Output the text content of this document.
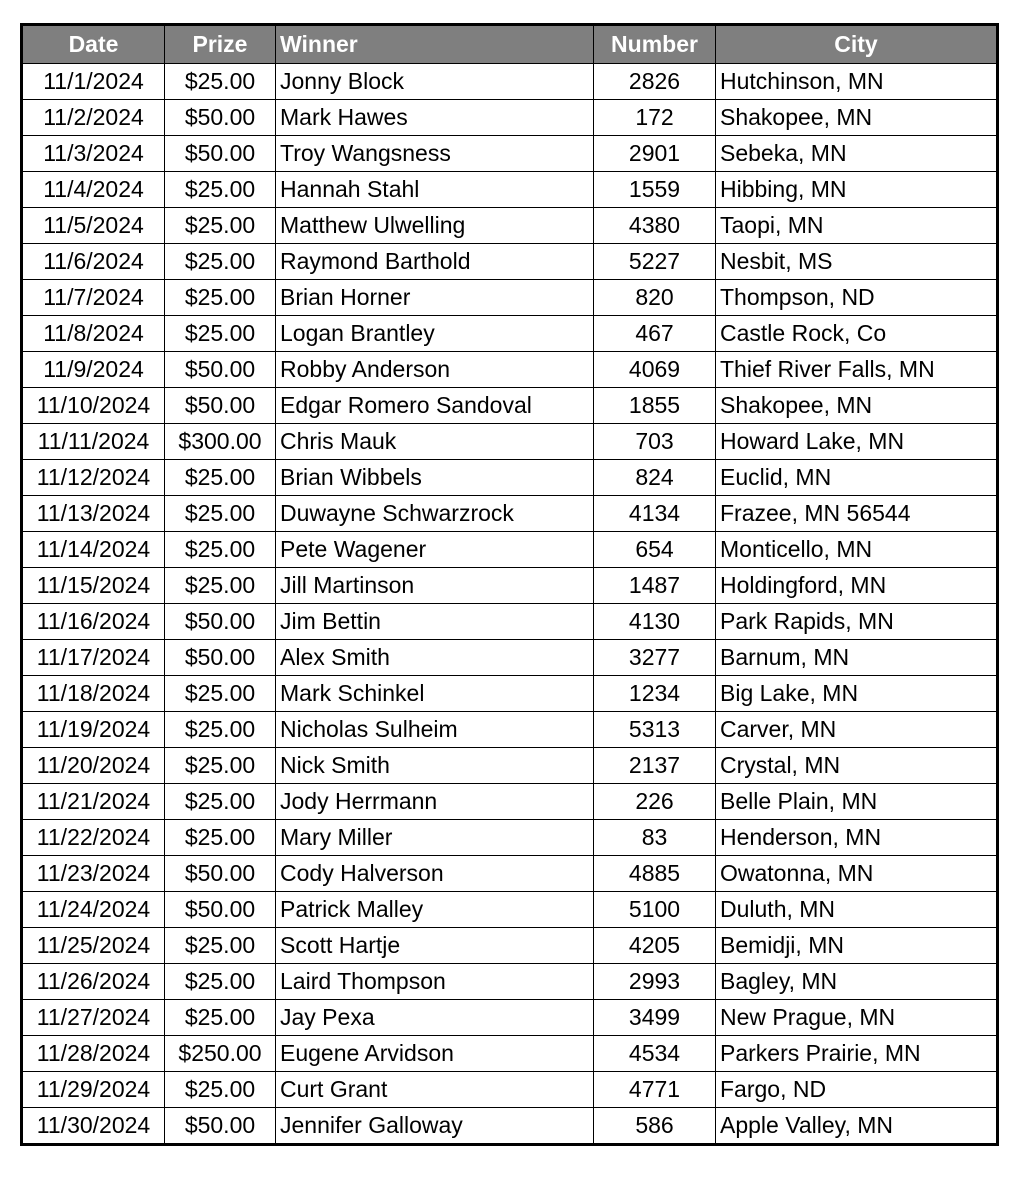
Date	Prize	Winner	Number	City
11/1/2024	$25.00	Jonny Block	2826	Hutchinson, MN
11/2/2024	$50.00	Mark Hawes	172	Shakopee, MN
11/3/2024	$50.00	Troy Wangsness	2901	Sebeka, MN
11/4/2024	$25.00	Hannah Stahl	1559	Hibbing, MN
11/5/2024	$25.00	Matthew Ulwelling	4380	Taopi, MN
11/6/2024	$25.00	Raymond Barthold	5227	Nesbit, MS
11/7/2024	$25.00	Brian Horner	820	Thompson, ND
11/8/2024	$25.00	Logan Brantley	467	Castle Rock, Co
11/9/2024	$50.00	Robby Anderson	4069	Thief River Falls, MN
11/10/2024	$50.00	Edgar Romero Sandoval	1855	Shakopee, MN
11/11/2024	$300.00	Chris Mauk	703	Howard Lake, MN
11/12/2024	$25.00	Brian Wibbels	824	Euclid, MN
11/13/2024	$25.00	Duwayne Schwarzrock	4134	Frazee, MN 56544
11/14/2024	$25.00	Pete Wagener	654	Monticello, MN
11/15/2024	$25.00	Jill Martinson	1487	Holdingford, MN
11/16/2024	$50.00	Jim Bettin	4130	Park Rapids, MN
11/17/2024	$50.00	Alex Smith	3277	Barnum, MN
11/18/2024	$25.00	Mark Schinkel	1234	Big Lake, MN
11/19/2024	$25.00	Nicholas Sulheim	5313	Carver, MN
11/20/2024	$25.00	Nick Smith	2137	Crystal, MN
11/21/2024	$25.00	Jody Herrmann	226	Belle Plain, MN
11/22/2024	$25.00	Mary Miller	83	Henderson, MN
11/23/2024	$50.00	Cody Halverson	4885	Owatonna, MN
11/24/2024	$50.00	Patrick Malley	5100	Duluth, MN
11/25/2024	$25.00	Scott Hartje	4205	Bemidji, MN
11/26/2024	$25.00	Laird Thompson	2993	Bagley, MN
11/27/2024	$25.00	Jay Pexa	3499	New Prague, MN
11/28/2024	$250.00	Eugene Arvidson	4534	Parkers Prairie, MN
11/29/2024	$25.00	Curt Grant	4771	Fargo, ND
11/30/2024	$50.00	Jennifer Galloway	586	Apple Valley, MN
